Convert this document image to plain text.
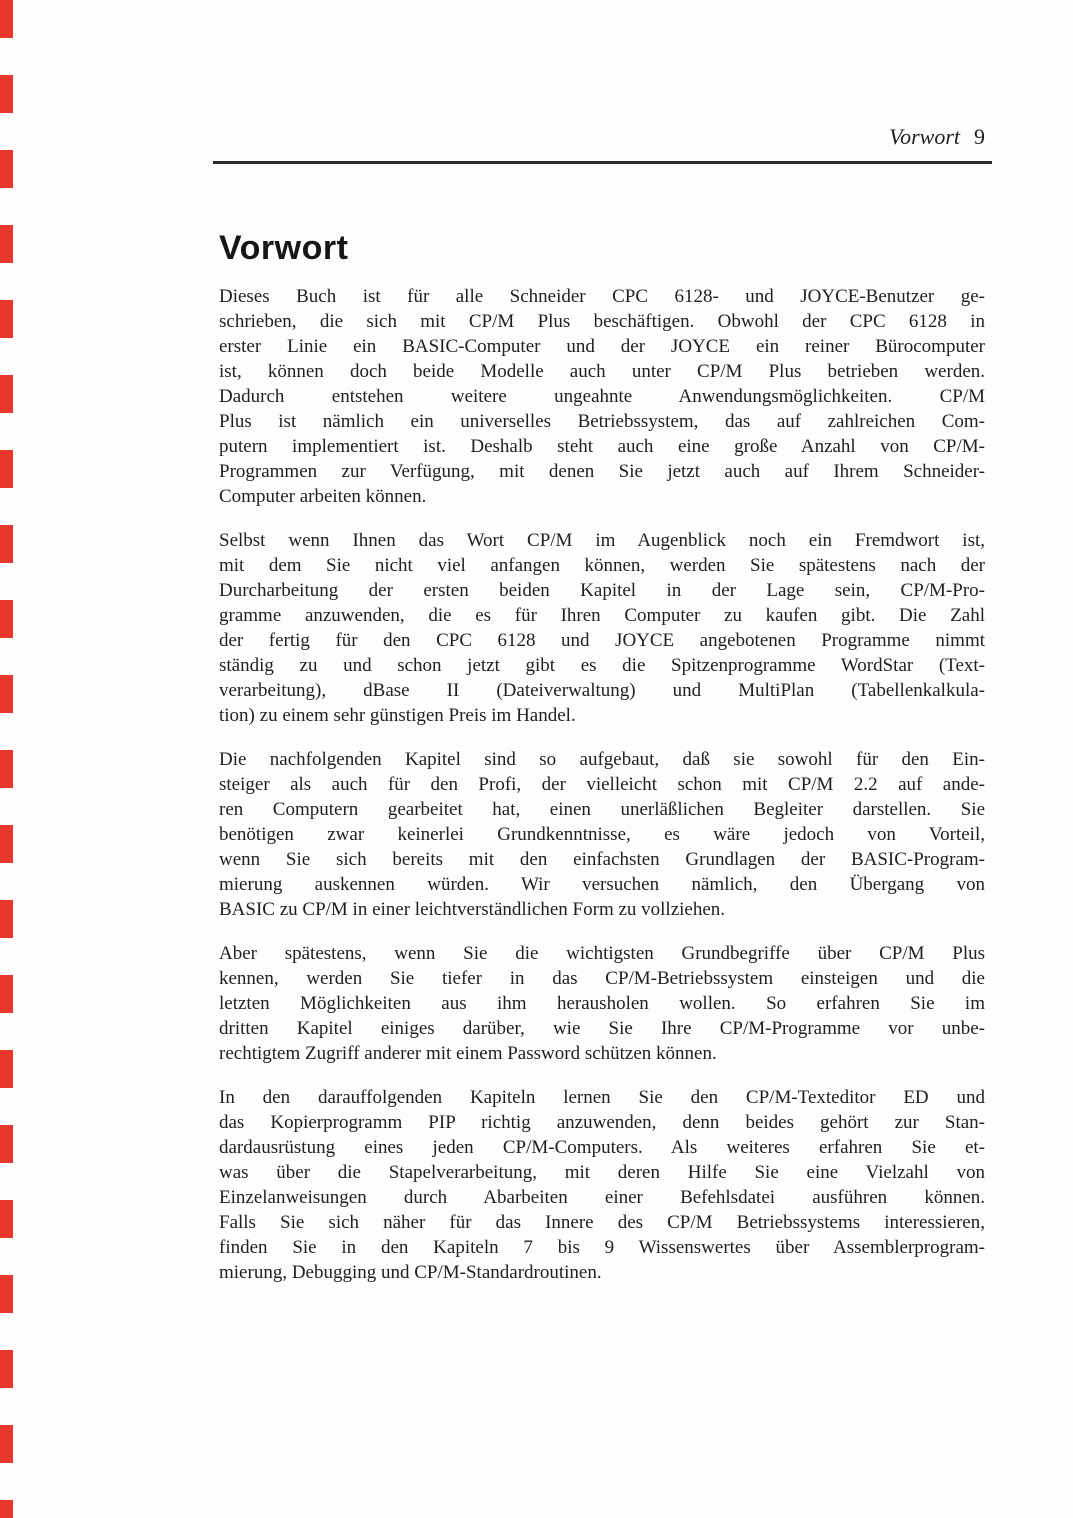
Vorwort 9
Vorwort
Dieses Buch ist für alle Schneider CPC 6128- und JOYCE-Benutzer ge-
schrieben, die sich mit CP/M Plus beschäftigen. Obwohl der CPC 6128 in
erster Linie ein BASIC-Computer und der JOYCE ein reiner Bürocomputer
ist, können doch beide Modelle auch unter CP/M Plus betrieben werden.
Dadurch entstehen weitere ungeahnte Anwendungsmöglichkeiten. CP/M
Plus ist nämlich ein universelles Betriebssystem, das auf zahlreichen Com-
putern implementiert ist. Deshalb steht auch eine große Anzahl von CP/M-
Programmen zur Verfügung, mit denen Sie jetzt auch auf Ihrem Schneider-
Computer arbeiten können.
Selbst wenn Ihnen das Wort CP/M im Augenblick noch ein Fremdwort ist,
mit dem Sie nicht viel anfangen können, werden Sie spätestens nach der
Durcharbeitung der ersten beiden Kapitel in der Lage sein, CP/M-Pro-
gramme anzuwenden, die es für Ihren Computer zu kaufen gibt. Die Zahl
der fertig für den CPC 6128 und JOYCE angebotenen Programme nimmt
ständig zu und schon jetzt gibt es die Spitzenprogramme WordStar (Text-
verarbeitung), dBase II (Dateiverwaltung) und MultiPlan (Tabellenkalkula-
tion) zu einem sehr günstigen Preis im Handel.
Die nachfolgenden Kapitel sind so aufgebaut, daß sie sowohl für den Ein-
steiger als auch für den Profi, der vielleicht schon mit CP/M 2.2 auf ande-
ren Computern gearbeitet hat, einen unerläßlichen Begleiter darstellen. Sie
benötigen zwar keinerlei Grundkenntnisse, es wäre jedoch von Vorteil,
wenn Sie sich bereits mit den einfachsten Grundlagen der BASIC-Program-
mierung auskennen würden. Wir versuchen nämlich, den Übergang von
BASIC zu CP/M in einer leichtverständlichen Form zu vollziehen.
Aber spätestens, wenn Sie die wichtigsten Grundbegriffe über CP/M Plus
kennen, werden Sie tiefer in das CP/M-Betriebssystem einsteigen und die
letzten Möglichkeiten aus ihm herausholen wollen. So erfahren Sie im
dritten Kapitel einiges darüber, wie Sie Ihre CP/M-Programme vor unbe-
rechtigtem Zugriff anderer mit einem Password schützen können.
In den darauffolgenden Kapiteln lernen Sie den CP/M-Texteditor ED und
das Kopierprogramm PIP richtig anzuwenden, denn beides gehört zur Stan-
dardausrüstung eines jeden CP/M-Computers. Als weiteres erfahren Sie et-
was über die Stapelverarbeitung, mit deren Hilfe Sie eine Vielzahl von
Einzelanweisungen durch Abarbeiten einer Befehlsdatei ausführen können.
Falls Sie sich näher für das Innere des CP/M Betriebssystems interessieren,
finden Sie in den Kapiteln 7 bis 9 Wissenswertes über Assemblerprogram-
mierung, Debugging und CP/M-Standardroutinen.
